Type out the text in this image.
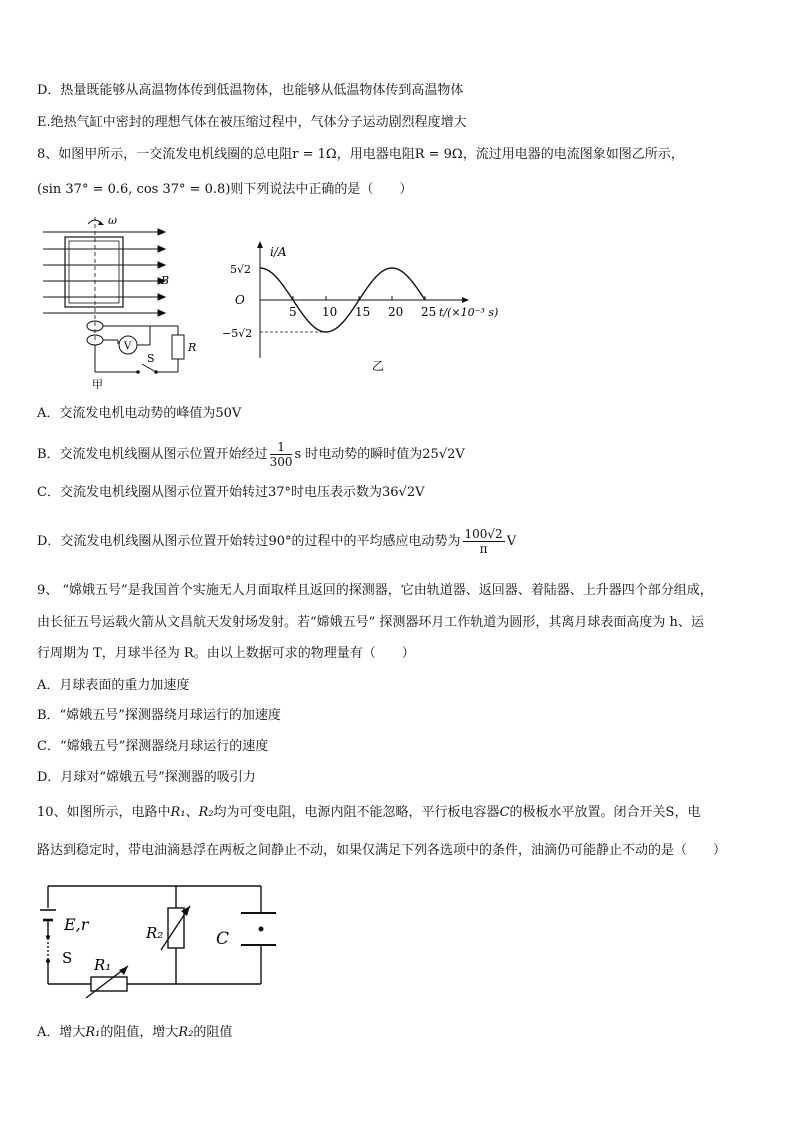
D．热量既能够从高温物体传到低温物体，也能够从低温物体传到高温物体
E.绝热气缸中密封的理想气体在被压缩过程中，气体分子运动剧烈程度增大
8、如图甲所示，一交流发电机线圈的总电阻r = 1Ω，用电器电阻R = 9Ω，流过用电器的电流图象如图乙所示，
(sin 37° = 0.6, cos 37° = 0.8)则下列说法中正确的是（　　）
ω
B
V
S
R
甲
i/A
O
5√2
−5√2
5 10 15 20 25 t/(×10⁻³ s)
乙
A．交流发电机电动势的峰值为50V
B．交流发电机线圈从图示位置开始经过 $\frac{1}{300}$ s 时电动势的瞬时值为25√2V
C．交流发电机线圈从图示位置开始转过37°时电压表示数为36√2V
D．交流发电机线圈从图示位置开始转过90°的过程中的平均感应电动势为 $\frac{100√2}{\pi}$ V
9、 “嫦娥五号”是我国首个实施无人月面取样且返回的探测器，它由轨道器、返回器、着陆器、上升器四个部分组成，
由长征五号运载火箭从文昌航天发射场发射。若“嫦娥五号” 探测器环月工作轨道为圆形，其离月球表面高度为 h、运
行周期为 T，月球半径为 R。由以上数据可求的物理量有（　　）
A．月球表面的重力加速度
B．“嫦娥五号”探测器绕月球运行的加速度
C．“嫦娥五号”探测器绕月球运行的速度
D．月球对“嫦娥五号”探测器的吸引力
10、如图所示，电路中R₁、R₂均为可变电阻，电源内阻不能忽略，平行板电容器C的极板水平放置。闭合开关S，电
路达到稳定时，带电油滴悬浮在两板之间静止不动，如果仅满足下列各选项中的条件，油滴仍可能静止不动的是（　　）
E,r
S R₁
R₂	C
A．增大R₁的阻值，增大R₂的阻值
